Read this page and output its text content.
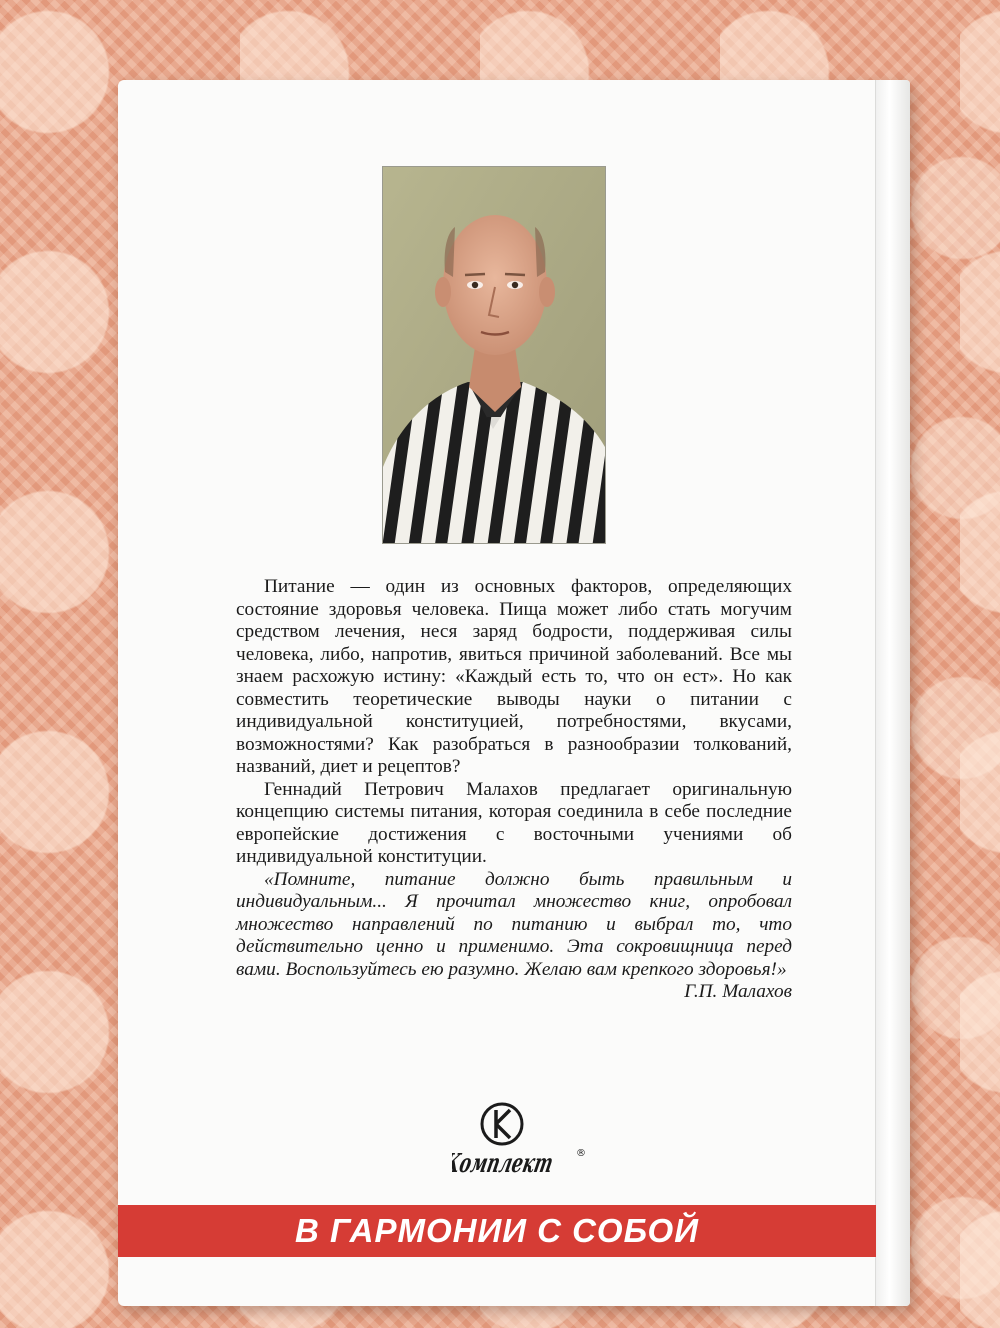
Питание — один из основных факторов, определяющих состояние здоровья человека. Пища может либо стать могучим средством лечения, неся заряд бодрости, поддерживая силы человека, либо, напротив, явиться причиной заболеваний. Все мы знаем расхожую истину: «Каждый есть то, что он ест». Но как совместить теоретические выводы науки о питании с индивидуальной конституцией, потребностями, вкусами, возможностями? Как разобраться в разнообразии толкований, названий, диет и рецептов?

Геннадий Петрович Малахов предлагает оригинальную концепцию системы питания, которая соединила в себе последние европейские достижения с восточными учениями об индивидуальной конституции.

«Помните, питание должно быть правильным и индивидуальным... Я прочитал множество книг, опробовал множество направлений по питанию и выбрал то, что действительно ценно и применимо. Эта сокровищница перед вами. Воспользуйтесь ею разумно. Желаю вам крепкого здоровья!»

Г.П. Малахов

Комплект
®
В ГАРМОНИИ С СОБОЙ
